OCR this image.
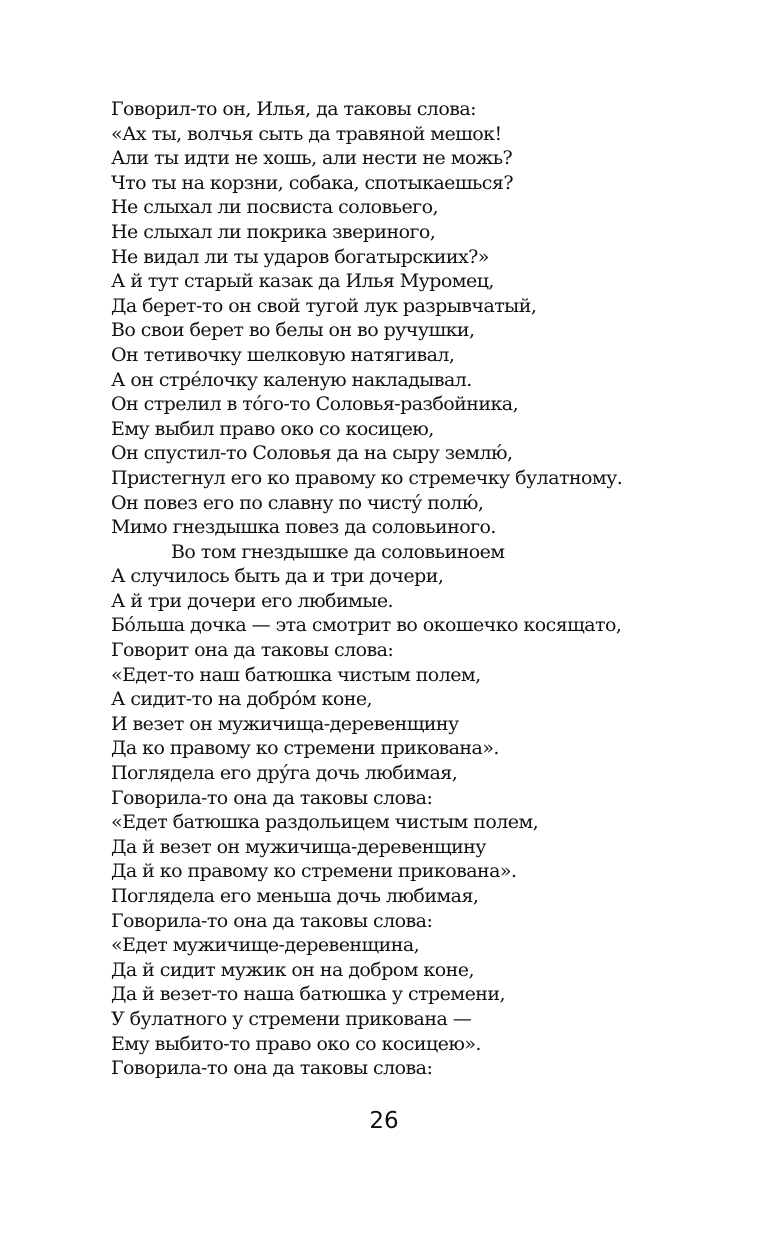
Говорил-то он, Илья, да таковы слова:
«Ах ты, волчья сыть да травяной мешок!
Али ты идти не хошь, али нести не можь?
Что ты на корзни, собака, спотыкаешься?
Не слыхал ли посвиста соловьего,
Не слыхал ли покрика звериного,
Не видал ли ты ударов богатырскиих?»
А й тут старый казак да Илья Муромец,
Да берет-то он свой тугой лук разрывчатый,
Во свои берет во белы он во ручушки,
Он тетивочку шелковую натягивал,
А он стре́лочку каленую накладывал.
Он стрелил в то́го-то Соловья-разбойника,
Ему выбил право око со косицею,
Он спустил-то Соловья да на сыру землю́,
Пристегнул его ко правому ко стремечку булатному.
Он повез его по славну по чисту́ полю́,
Мимо гнездышка повез да соловьиного.
Во том гнездышке да соловьиноем
А случилось быть да и три дочери,
А й три дочери его любимые.
Бо́льша дочка — эта смотрит во окошечко косящато,
Говорит она да таковы слова:
«Едет-то наш батюшка чистым полем,
А сидит-то на добро́м коне,
И везет он мужичища-деревенщину
Да ко правому ко стремени прикована».
Поглядела его дру́га дочь любимая,
Говорила-то она да таковы слова:
«Едет батюшка раздольицем чистым полем,
Да й везет он мужичища-деревенщину
Да й ко правому ко стремени прикована».
Поглядела его меньша дочь любимая,
Говорила-то она да таковы слова:
«Едет мужичище-деревенщина,
Да й сидит мужик он на добром коне,
Да й везет-то наша батюшка у стремени,
У булатного у стремени прикована —
Ему выбито-то право око со косицею».
Говорила-то она да таковы слова:
26
